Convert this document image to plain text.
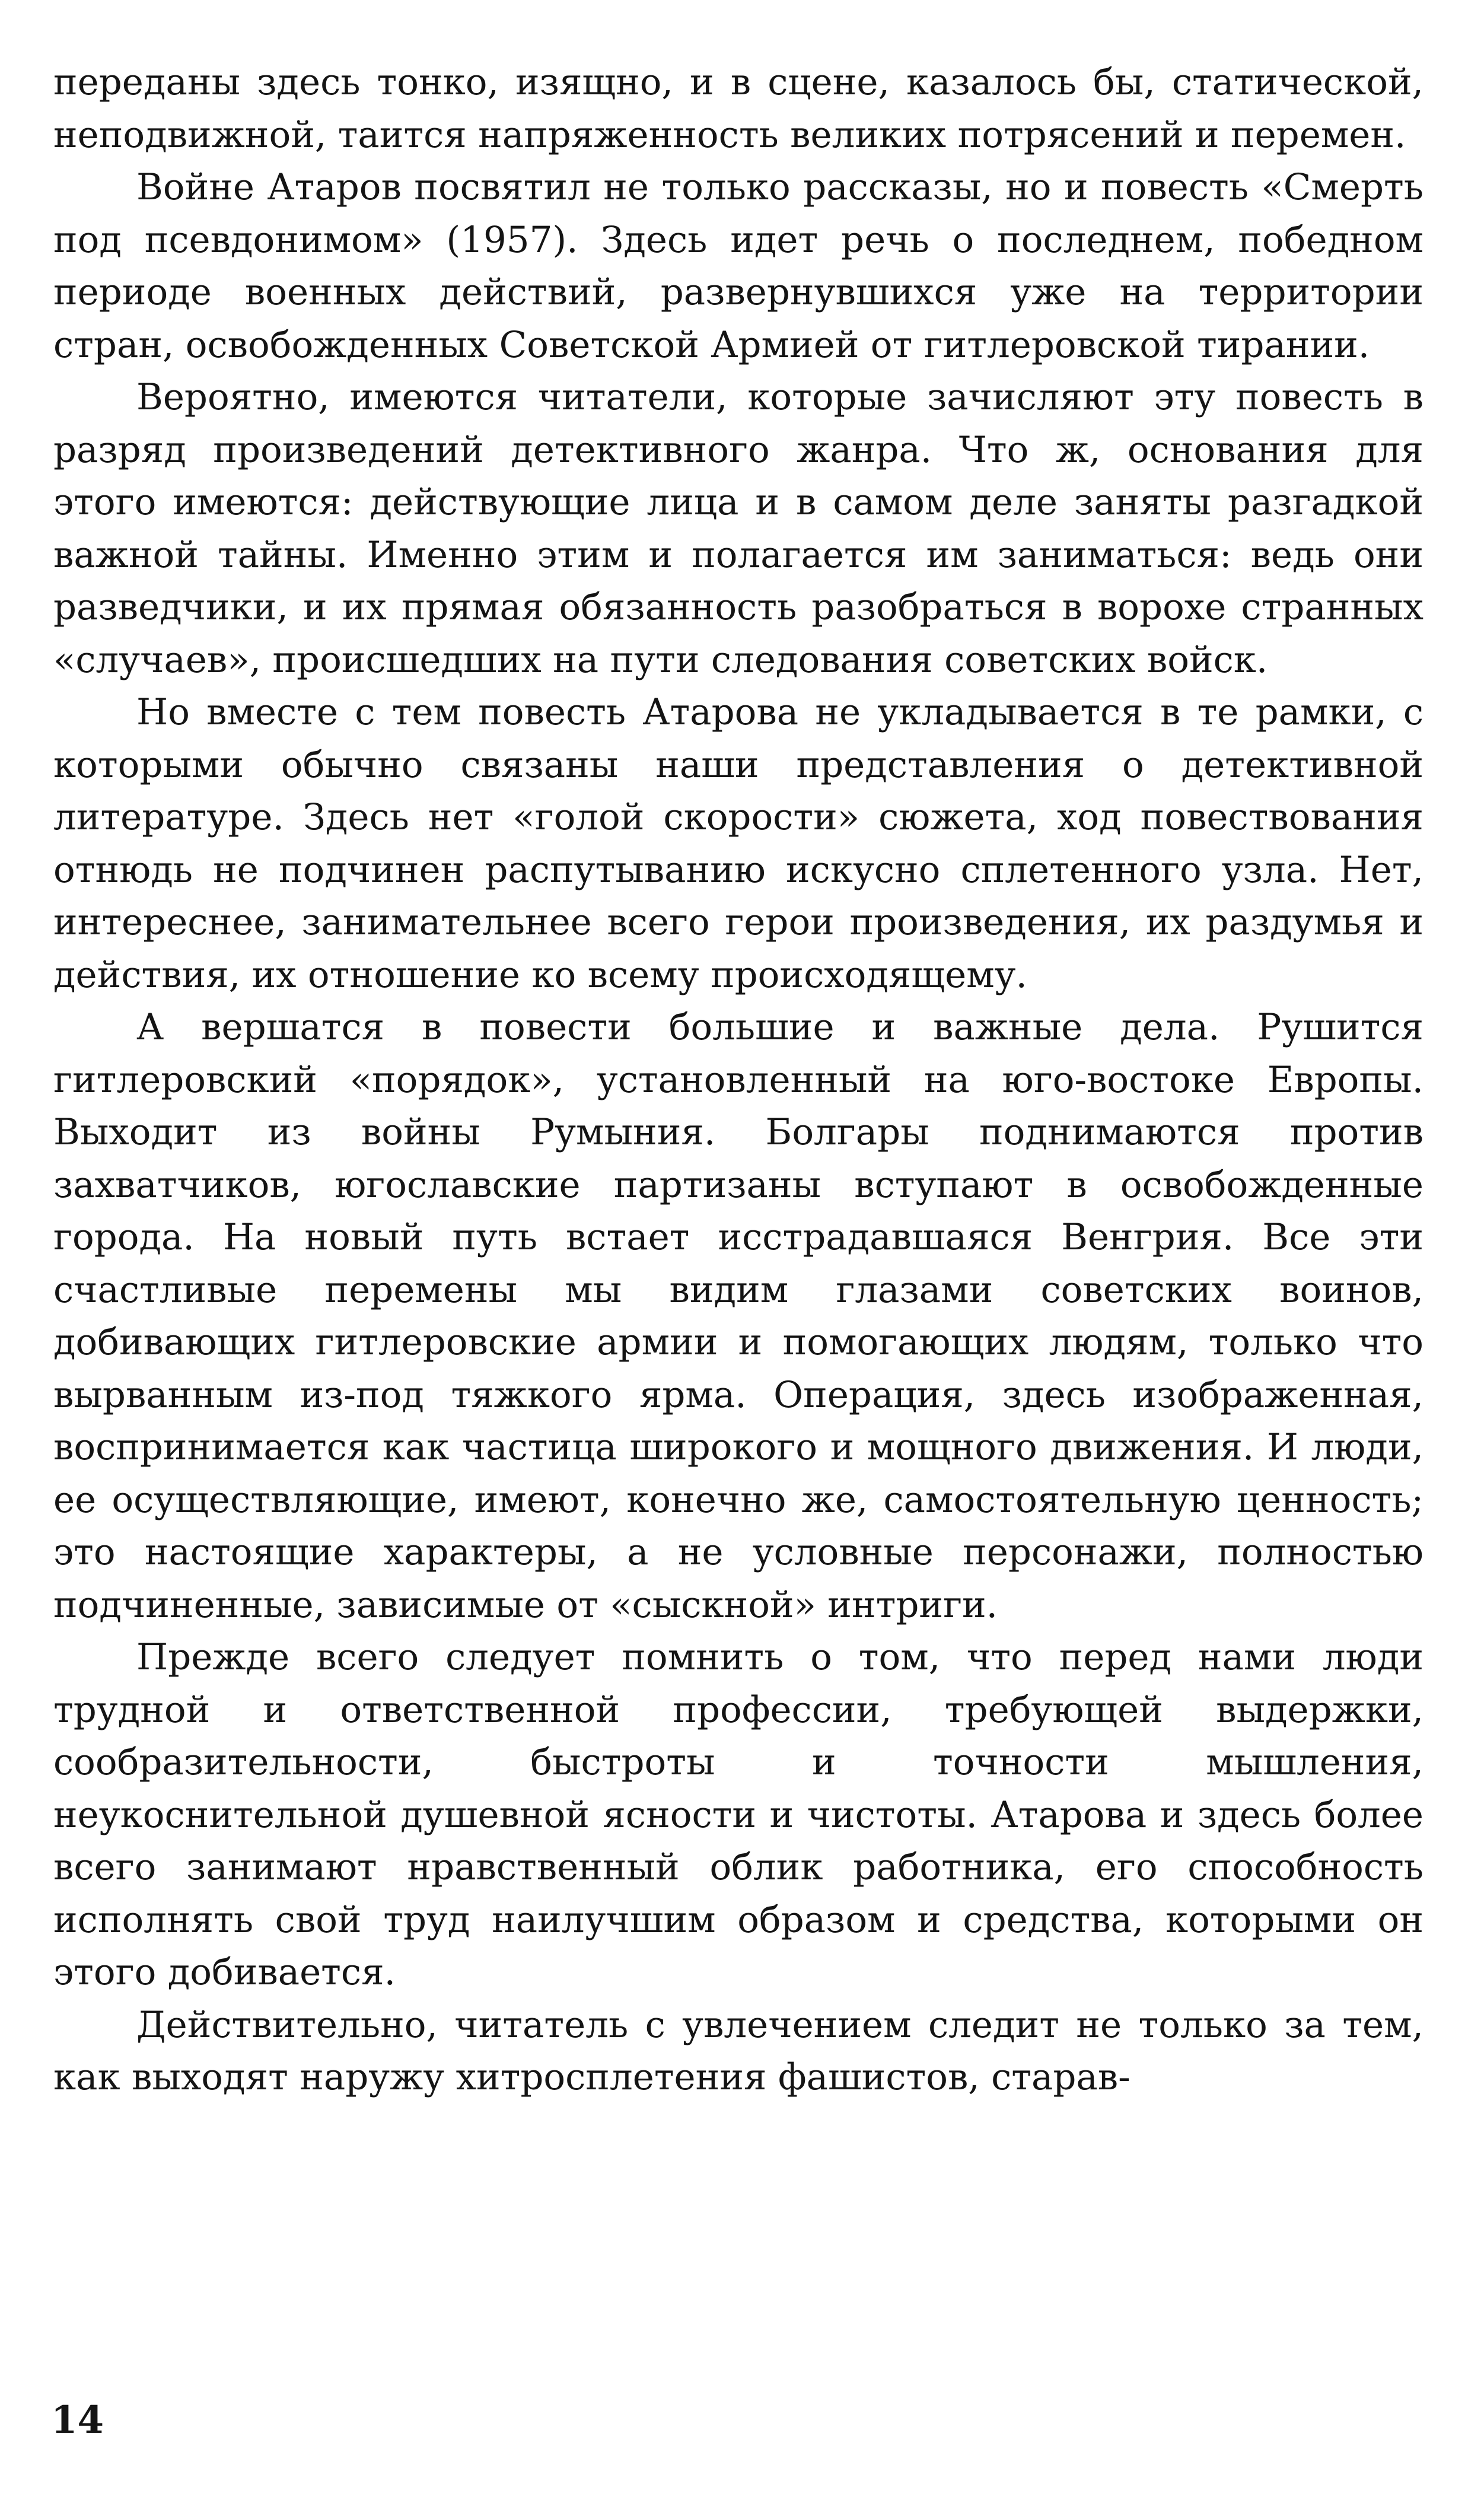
переданы здесь тонко, изящно, и в сцене, казалось бы, статической, неподвижной, таится напряженность великих потрясений и перемен.

Войне Атаров посвятил не только рассказы, но и повесть «Смерть под псевдонимом» (1957). Здесь идет речь о последнем, победном периоде военных действий, развернувшихся уже на территории стран, освобожденных Советской Армией от гитлеровской тирании.

Вероятно, имеются читатели, которые зачисляют эту повесть в разряд произведений детективного жанра. Что ж, основания для этого имеются: действующие лица и в самом деле заняты разгадкой важной тайны. Именно этим и полагается им заниматься: ведь они разведчики, и их прямая обязанность разобраться в ворохе странных «случаев», происшедших на пути следования советских войск.

Но вместе с тем повесть Атарова не укладывается в те рамки, с которыми обычно связаны наши представления о детективной литературе. Здесь нет «голой скорости» сюжета, ход повествования отнюдь не подчинен распутыванию искусно сплетенного узла. Нет, интереснее, занимательнее всего герои произведения, их раздумья и действия, их отношение ко всему происходящему.

А вершатся в повести большие и важные дела. Рушится гитлеровский «порядок», установленный на юго-востоке Европы. Выходит из войны Румыния. Болгары поднимаются против захватчиков, югославские партизаны вступают в освобожденные города. На новый путь встает исстрадавшаяся Венгрия. Все эти счастливые перемены мы видим глазами советских воинов, добивающих гитлеровские армии и помогающих людям, только что вырванным из-под тяжкого ярма. Операция, здесь изображенная, воспринимается как частица широкого и мощного движения. И люди, ее осуществляющие, имеют, конечно же, самостоятельную ценность; это настоящие характеры, а не условные персонажи, полностью подчиненные, зависимые от «сыскной» интриги.

Прежде всего следует помнить о том, что перед нами люди трудной и ответственной профессии, требующей выдержки, сообразительности, быстроты и точности мышления, неукоснительной душевной ясности и чистоты. Атарова и здесь более всего занимают нравственный облик работника, его способность исполнять свой труд наилучшим образом и средства, которыми он этого добивается.

Действительно, читатель с увлечением следит не только за тем, как выходят наружу хитросплетения фашистов, старав-

14
